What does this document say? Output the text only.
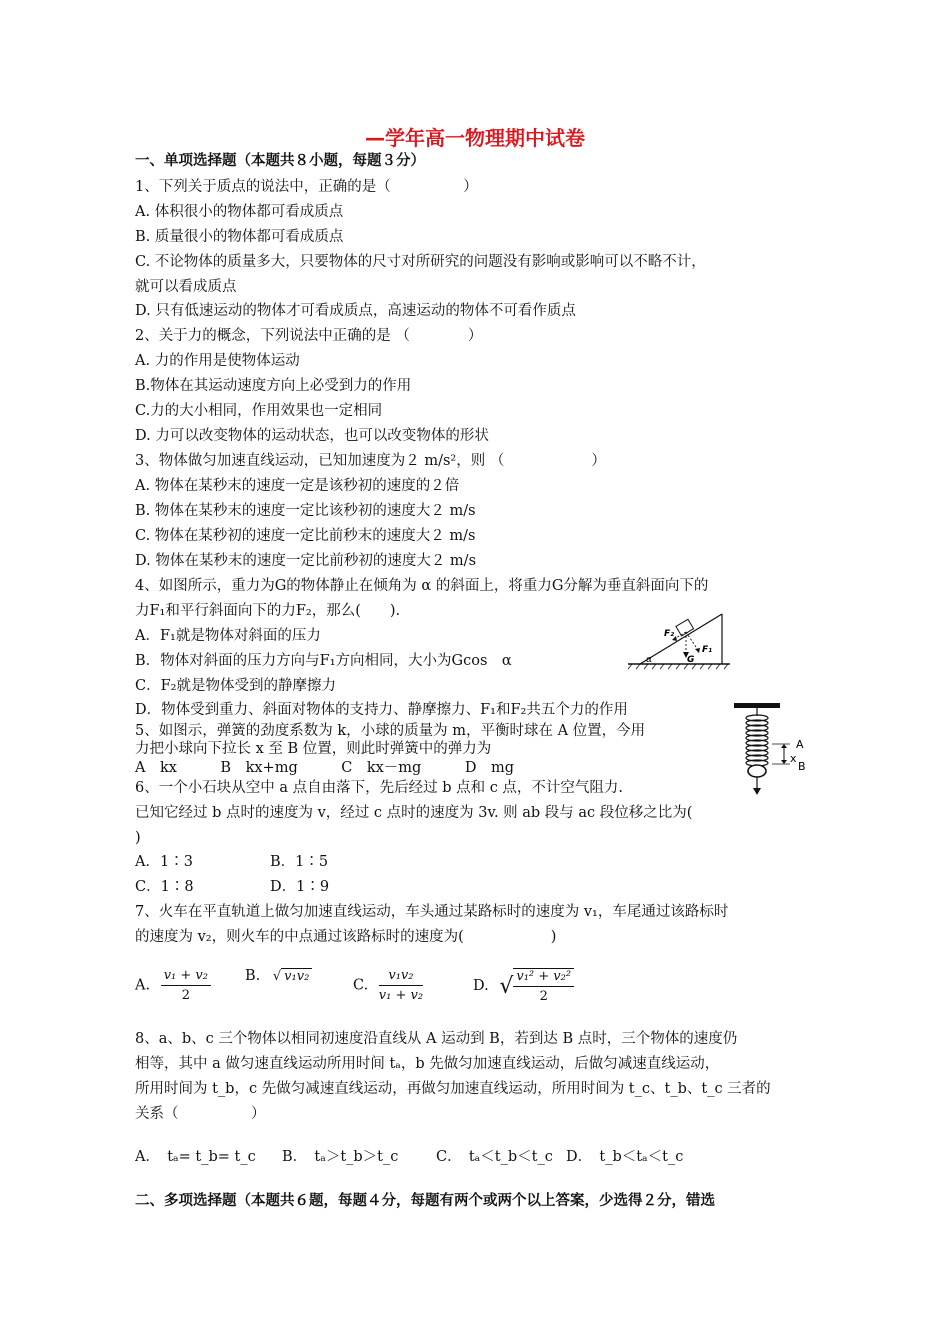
—学年高一物理期中试卷
一、单项选择题（本题共８小题，每题３分）
1、下列关于质点的说法中，正确的是（　　　　　）
A. 体积很小的物体都可看成质点
B. 质量很小的物体都可看成质点
C. 不论物体的质量多大，只要物体的尺寸对所研究的问题没有影响或影响可以不略不计，
就可以看成质点
D. 只有低速运动的物体才可看成质点，高速运动的物体不可看作质点
2、关于力的概念，下列说法中正确的是 （　　　　）
A. 力的作用是使物体运动
B.物体在其运动速度方向上必受到力的作用
C.力的大小相同，作用效果也一定相同
D. 力可以改变物体的运动状态，也可以改变物体的形状
3、物体做匀加速直线运动，已知加速度为２ m/s²，则 （　　　　　　）
A. 物体在某秒末的速度一定是该秒初的速度的２倍
B. 物体在某秒末的速度一定比该秒初的速度大２ m/s
C. 物体在某秒初的速度一定比前秒末的速度大２ m/s
D. 物体在某秒末的速度一定比前秒初的速度大２ m/s
4、如图所示，重力为G的物体静止在倾角为 α 的斜面上，将重力G分解为垂直斜面向下的
力F₁和平行斜面向下的力F₂，那么(　　).
A．F₁就是物体对斜面的压力
B．物体对斜面的压力方向与F₁方向相同，大小为Gcos　α
C．F₂就是物体受到的静摩擦力
D．物体受到重力、斜面对物体的支持力、静摩擦力、F₁和F₂共五个力的作用
F₂
F₁
G
α
5、如图示，弹簧的劲度系数为 k，小球的质量为 m，平衡时球在 A 位置，今用
力把小球向下拉长 x 至 B 位置，则此时弹簧中的弹力为
A　kx　　　B　kx+mg　　　C　kx－mg　　　D　mg
A
x
B
6、一个小石块从空中 a 点自由落下，先后经过 b 点和 c 点，不计空气阻力.
已知它经过 b 点时的速度为 v，经过 c 点时的速度为 3v. 则 ab 段与 ac 段位移之比为(
)
A．1∶3	B．1∶5
C．1∶8	D．1∶9
7、火车在平直轨道上做匀加速直线运动，车头通过某路标时的速度为 v₁，车尾通过该路标时
的速度为 v₂，则火车的中点通过该路标时的速度为(　　　　　　)
A. $\frac{\text{v₁ + v₂}}{2} B$. √ v₁v₂
C. $\frac{\text{v₁v₂}}{\text{v₁ + v₂}}$	D. √ $\frac{\text{v₁² + v₂²}}{2}$
8、a、b、c 三个物体以相同初速度沿直线从 A 运动到 B，若到达 B 点时，三个物体的速度仍
相等，其中 a 做匀速直线运动所用时间 tₐ，b 先做匀加速直线运动，后做匀减速直线运动，
所用时间为 t_b，c 先做匀减速直线运动，再做匀加速直线运动，所用时间为 t_c、t_b、t_c 三者的
关系（　　　　　）
A．　tₐ= t_b= t_c B．　tₐ＞t_b＞t_c	C．　tₐ＜t_b＜t_c D．　t_b＜tₐ＜t_c
二、多项选择题（本题共６题，每题４分，每题有两个或两个以上答案，少选得２分，错选
